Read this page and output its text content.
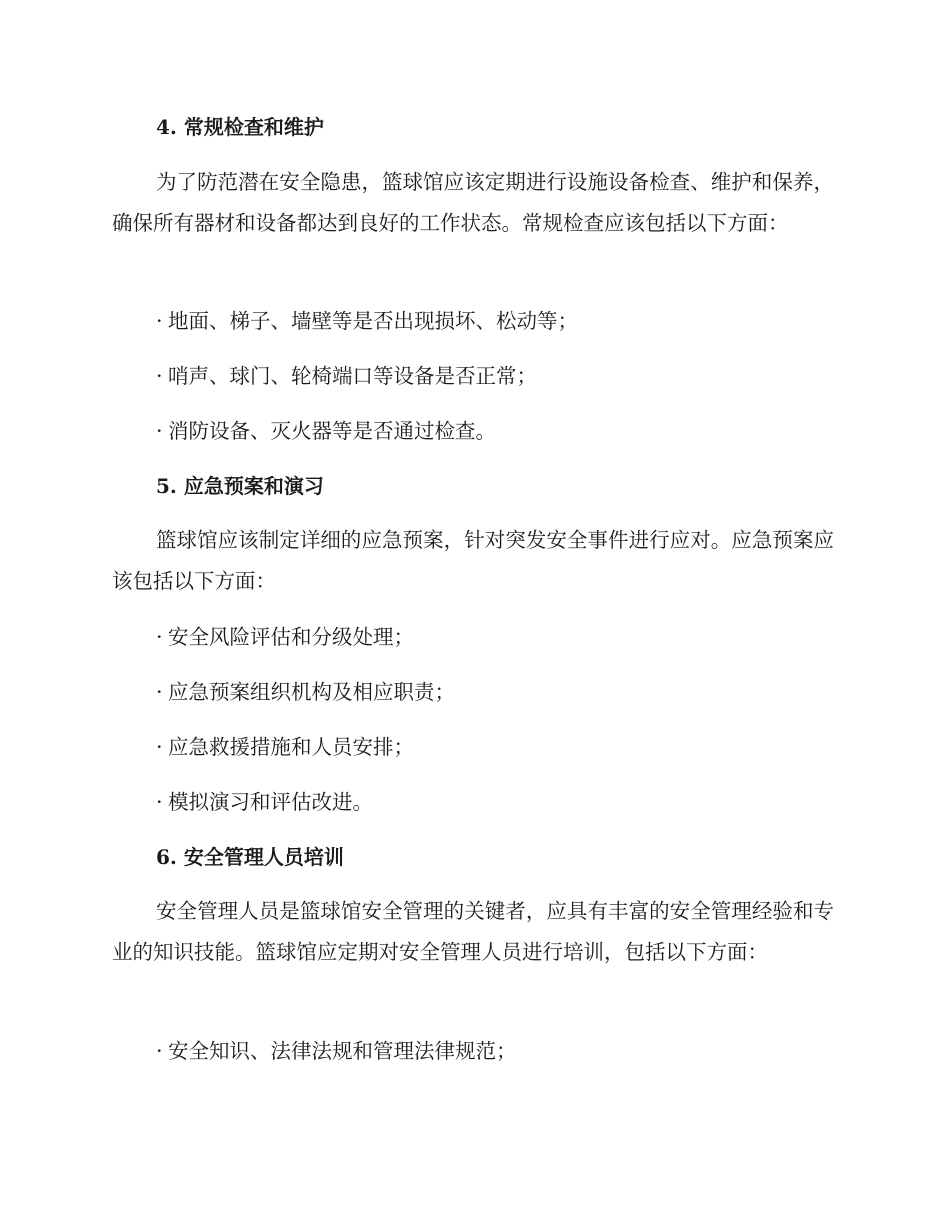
4. 常规检查和维护

为了防范潜在安全隐患，篮球馆应该定期进行设施设备检查、维护和保养，确保所有器材和设备都达到良好的工作状态。常规检查应该包括以下方面：

· 地面、梯子、墙壁等是否出现损坏、松动等；
· 哨声、球门、轮椅端口等设备是否正常；
· 消防设备、灭火器等是否通过检查。
5. 应急预案和演习

篮球馆应该制定详细的应急预案，针对突发安全事件进行应对。应急预案应该包括以下方面：

· 安全风险评估和分级处理；
· 应急预案组织机构及相应职责；
· 应急救援措施和人员安排；
· 模拟演习和评估改进。
6. 安全管理人员培训

安全管理人员是篮球馆安全管理的关键者，应具有丰富的安全管理经验和专业的知识技能。篮球馆应定期对安全管理人员进行培训，包括以下方面：

· 安全知识、法律法规和管理法律规范；
